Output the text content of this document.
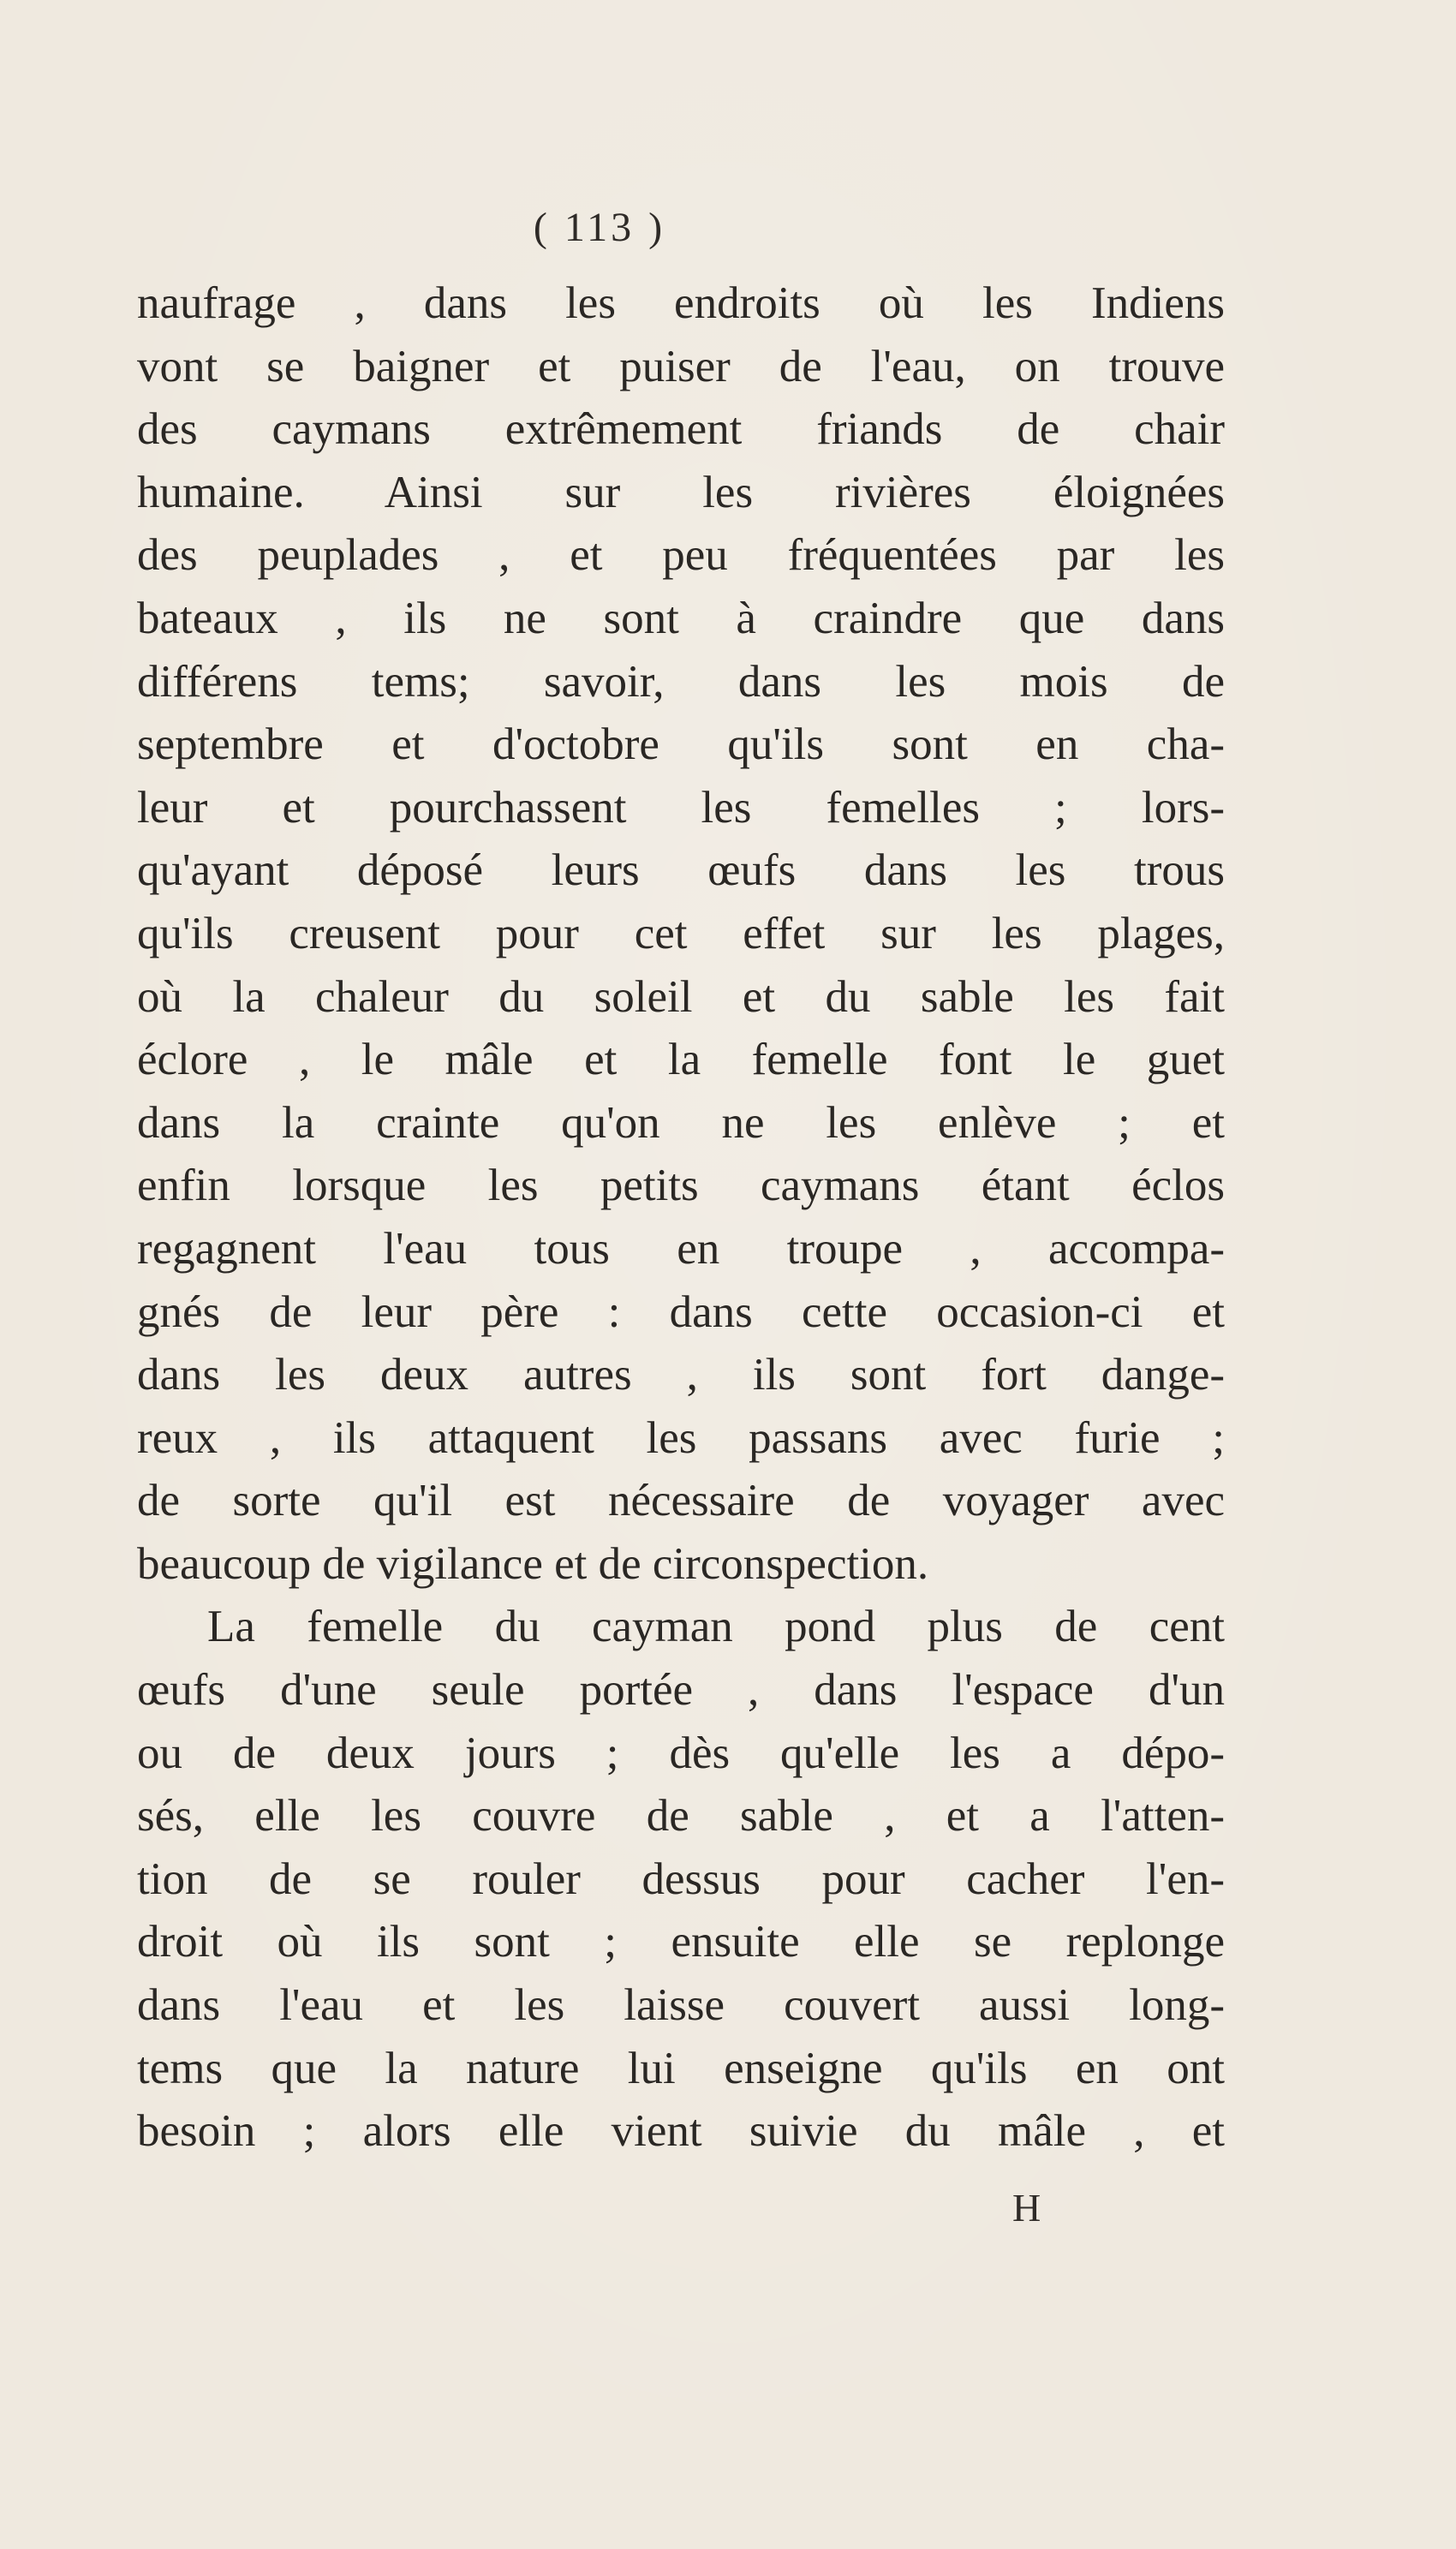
( 113 )
naufrage , dans les endroits où les Indiens
vont se baigner et puiser de l'eau, on trouve
des caymans extrêmement friands de chair
humaine. Ainsi sur les rivières éloignées
des peuplades , et peu fréquentées par les
bateaux , ils ne sont à craindre que dans
différens tems; savoir, dans les mois de
septembre et d'octobre qu'ils sont en cha-
leur et pourchassent les femelles ; lors-
qu'ayant déposé leurs œufs dans les trous
qu'ils creusent pour cet effet sur les plages,
où la chaleur du soleil et du sable les fait
éclore , le mâle et la femelle font le guet
dans la crainte qu'on ne les enlève ; et
enfin lorsque les petits caymans étant éclos
regagnent l'eau tous en troupe , accompa-
gnés de leur père : dans cette occasion-ci et
dans les deux autres , ils sont fort dange-
reux , ils attaquent les passans avec furie ;
de sorte qu'il est nécessaire de voyager avec
beaucoup de vigilance et de circonspection.
La femelle du cayman pond plus de cent
œufs d'une seule portée , dans l'espace d'un
ou de deux jours ; dès qu'elle les a dépo-
sés, elle les couvre de sable , et a l'atten-
tion de se rouler dessus pour cacher l'en-
droit où ils sont ; ensuite elle se replonge
dans l'eau et les laisse couvert aussi long-
tems que la nature lui enseigne qu'ils en ont
besoin ; alors elle vient suivie du mâle , et
H
